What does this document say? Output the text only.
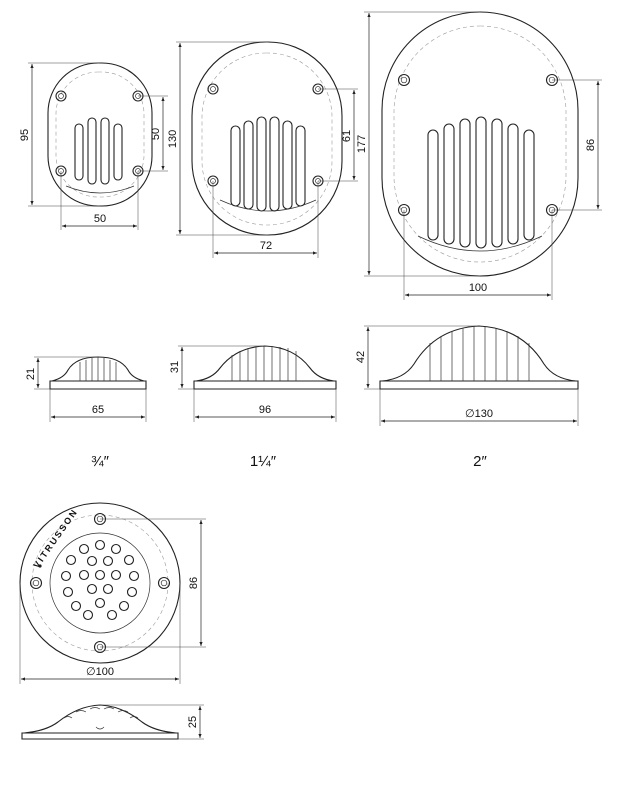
95	50
50
130	61
72
177	86
100
21
65
31
96
42
∅130
¾″	1¼″	2″
VITRUSSON
86
∅100
25
